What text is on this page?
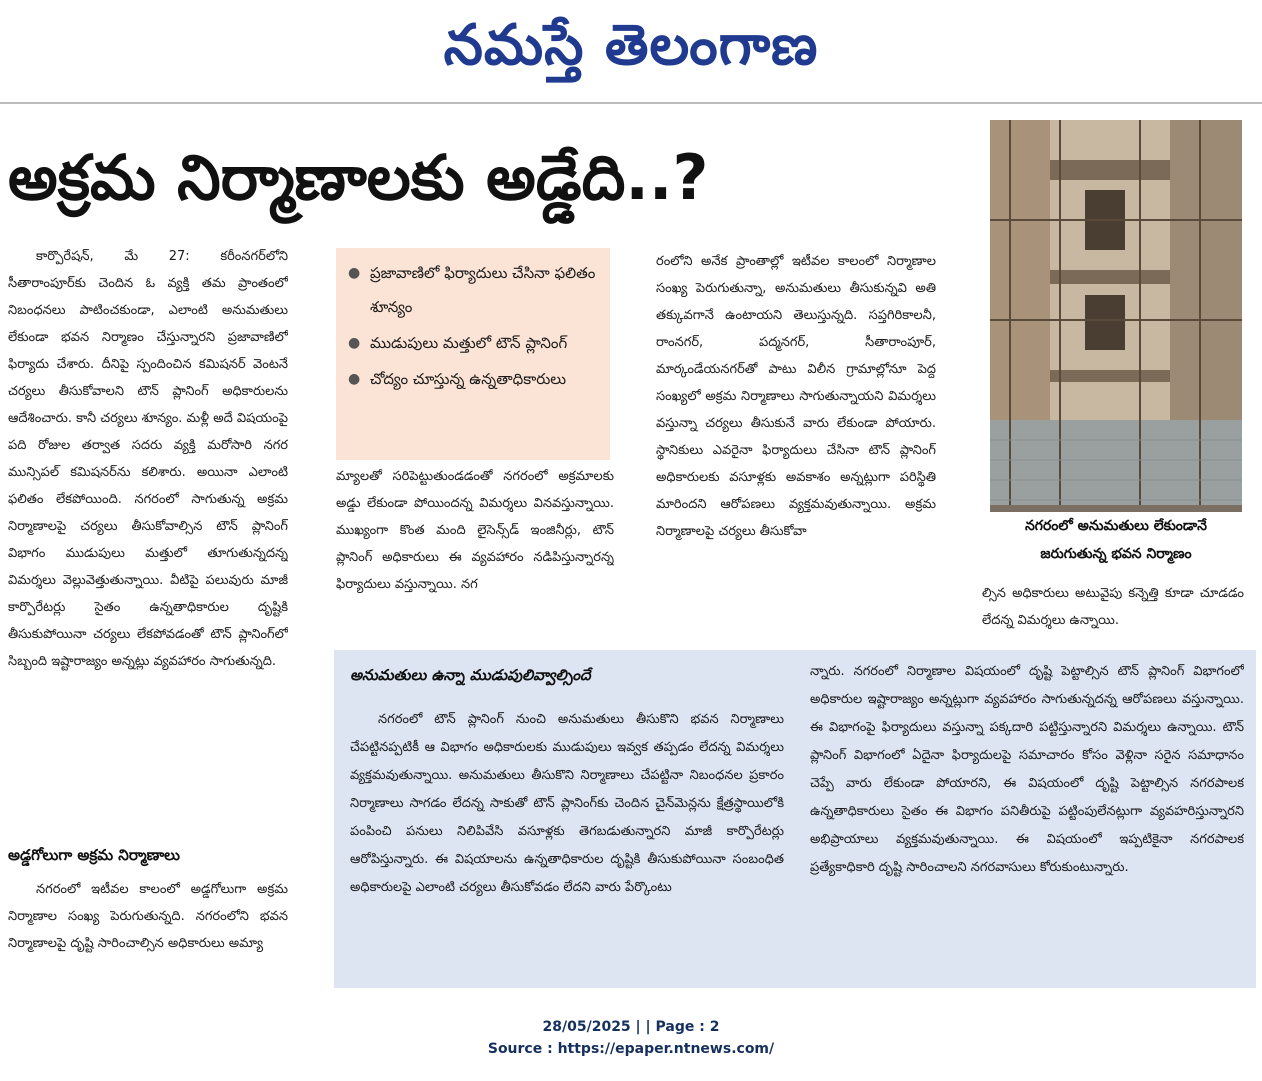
నమస్తే తెలంగాణ
అక్రమ నిర్మాణాలకు అడ్డేది..?

కార్పొరేషన్, మే 27: కరీంనగర్‌లోని సీతారాంపూర్‌కు చెందిన ఓ వ్యక్తి తమ ప్రాంతంలో నిబంధనలు పాటించకుండా, ఎలాంటి అనుమతులు లేకుండా భవన నిర్మాణం చేస్తున్నారని ప్రజావాణిలో ఫిర్యాదు చేశారు. దీనిపై స్పందించిన కమిషనర్ వెంటనే చర్యలు తీసుకోవాలని టౌన్ ప్లానింగ్ అధికారులను ఆదేశించారు. కానీ చర్యలు శూన్యం. మళ్లీ అదే విషయంపై పది రోజుల తర్వాత సదరు వ్యక్తి మరోసారి నగర మున్సిపల్ కమిషనర్‌ను కలిశారు. అయినా ఎలాంటి ఫలితం లేకపోయింది. నగరంలో సాగుతున్న అక్రమ నిర్మాణాలపై చర్యలు తీసుకోవాల్సిన టౌన్ ప్లానింగ్ విభాగం ముడుపులు మత్తులో తూగుతున్నదన్న విమర్శలు వెల్లువెత్తుతున్నాయి. వీటిపై పలువురు మాజీ కార్పొరేటర్లు సైతం ఉన్నతాధికారుల దృష్టికి తీసుకుపోయినా చర్యలు లేకపోవడంతో టౌన్ ప్లానింగ్‌లో సిబ్బంది ఇష్టారాజ్యం అన్నట్లు వ్యవహారం సాగుతున్నది.

అడ్డగోలుగా అక్రమ నిర్మాణాలు

నగరంలో ఇటీవల కాలంలో అడ్డగోలుగా అక్రమ నిర్మాణాల సంఖ్య పెరుగుతున్నది. నగరంలోని భవన నిర్మాణాలపై దృష్టి సారించాల్సిన అధికారులు అమ్యా

● ప్రజావాణిలో ఫిర్యాదులు చేసినా ఫలితం శూన్యం
● ముడుపులు మత్తులో టౌన్ ప్లానింగ్
● చోద్యం చూస్తున్న ఉన్నతాధికారులు

మ్యాలతో సరిపెట్టుతుండడంతో నగరంలో అక్రమాలకు అడ్డు లేకుండా పోయిందన్న విమర్శలు వినవస్తున్నాయి. ముఖ్యంగా కొంత మంది లైసెన్స్‌డ్ ఇంజినీర్లు, టౌన్ ప్లానింగ్ అధికారులు ఈ వ్యవహారం నడిపిస్తున్నారన్న ఫిర్యాదులు వస్తున్నాయి. నగ

రంలోని అనేక ప్రాంతాల్లో ఇటీవల కాలంలో నిర్మాణాల సంఖ్య పెరుగుతున్నా, అనుమతులు తీసుకున్నవి అతి తక్కువగానే ఉంటాయని తెలుస్తున్నది. సప్తగిరికాలనీ, రాంనగర్, పద్మనగర్, సీతారాంపూర్, మార్కండేయనగర్‌తో పాటు విలీన గ్రామాల్లోనూ పెద్ద సంఖ్యలో అక్రమ నిర్మాణాలు సాగుతున్నాయని విమర్శలు వస్తున్నా చర్యలు తీసుకునే వారు లేకుండా పోయారు. స్థానికులు ఎవరైనా ఫిర్యాదులు చేసినా టౌన్ ప్లానింగ్ అధికారులకు వసూళ్లకు అవకాశం అన్నట్లుగా పరిస్థితి మారిందని ఆరోపణలు వ్యక్తమవుతున్నాయి. అక్రమ నిర్మాణాలపై చర్యలు తీసుకోవా	నగరంలో అనుమతులు లేకుండానే
జరుగుతున్న భవన నిర్మాణం

ల్సిన అధికారులు అటువైపు కన్నెత్తి కూడా చూడడం లేదన్న విమర్శలు ఉన్నాయి.

అనుమతులు ఉన్నా ముడుపులివ్వాల్సిందే

నగరంలో టౌన్ ప్లానింగ్ నుంచి అనుమతులు తీసుకొని భవన నిర్మాణాలు చేపట్టినప్పటికీ ఆ విభాగం అధికారులకు ముడుపులు ఇవ్వక తప్పడం లేదన్న విమర్శలు వ్యక్తమవుతున్నాయి. అనుమతులు తీసుకొని నిర్మాణాలు చేపట్టినా నిబంధనల ప్రకారం నిర్మాణాలు సాగడం లేదన్న సాకుతో టౌన్ ప్లానింగ్‌కు చెందిన చైన్‌మెన్లను క్షేత్రస్థాయిలోకి పంపించి పనులు నిలిపివేసి వసూళ్లకు తెగబడుతున్నారని మాజీ కార్పొరేటర్లు ఆరోపిస్తున్నారు. ఈ విషయాలను ఉన్నతాధికారుల దృష్టికి తీసుకుపోయినా సంబంధిత అధికారులపై ఎలాంటి చర్యలు తీసుకోవడం లేదని వారు పేర్కొంటు

న్నారు. నగరంలో నిర్మాణాల విషయంలో దృష్టి పెట్టాల్సిన టౌన్ ప్లానింగ్ విభాగంలో అధికారుల ఇష్టారాజ్యం అన్నట్లుగా వ్యవహారం సాగుతున్నదన్న ఆరోపణలు వస్తున్నాయి. ఈ విభాగంపై ఫిర్యాదులు వస్తున్నా పక్కదారి పట్టిస్తున్నారని విమర్శలు ఉన్నాయి. టౌన్ ప్లానింగ్ విభాగంలో ఏదైనా ఫిర్యాదులపై సమాచారం కోసం వెళ్లినా సరైన సమాధానం చెప్పే వారు లేకుండా పోయారని, ఈ విషయంలో దృష్టి పెట్టాల్సిన నగరపాలక ఉన్నతాధికారులు సైతం ఈ విభాగం పనితీరుపై పట్టింపులేనట్లుగా వ్యవహరిస్తున్నారని అభిప్రాయాలు వ్యక్తమవుతున్నాయి. ఈ విషయంలో ఇప్పటికైనా నగరపాలక ప్రత్యేకాధికారి దృష్టి సారించాలని నగరవాసులు కోరుకుంటున్నారు.

28/05/2025 | | Page : 2
Source : https://epaper.ntnews.com/
